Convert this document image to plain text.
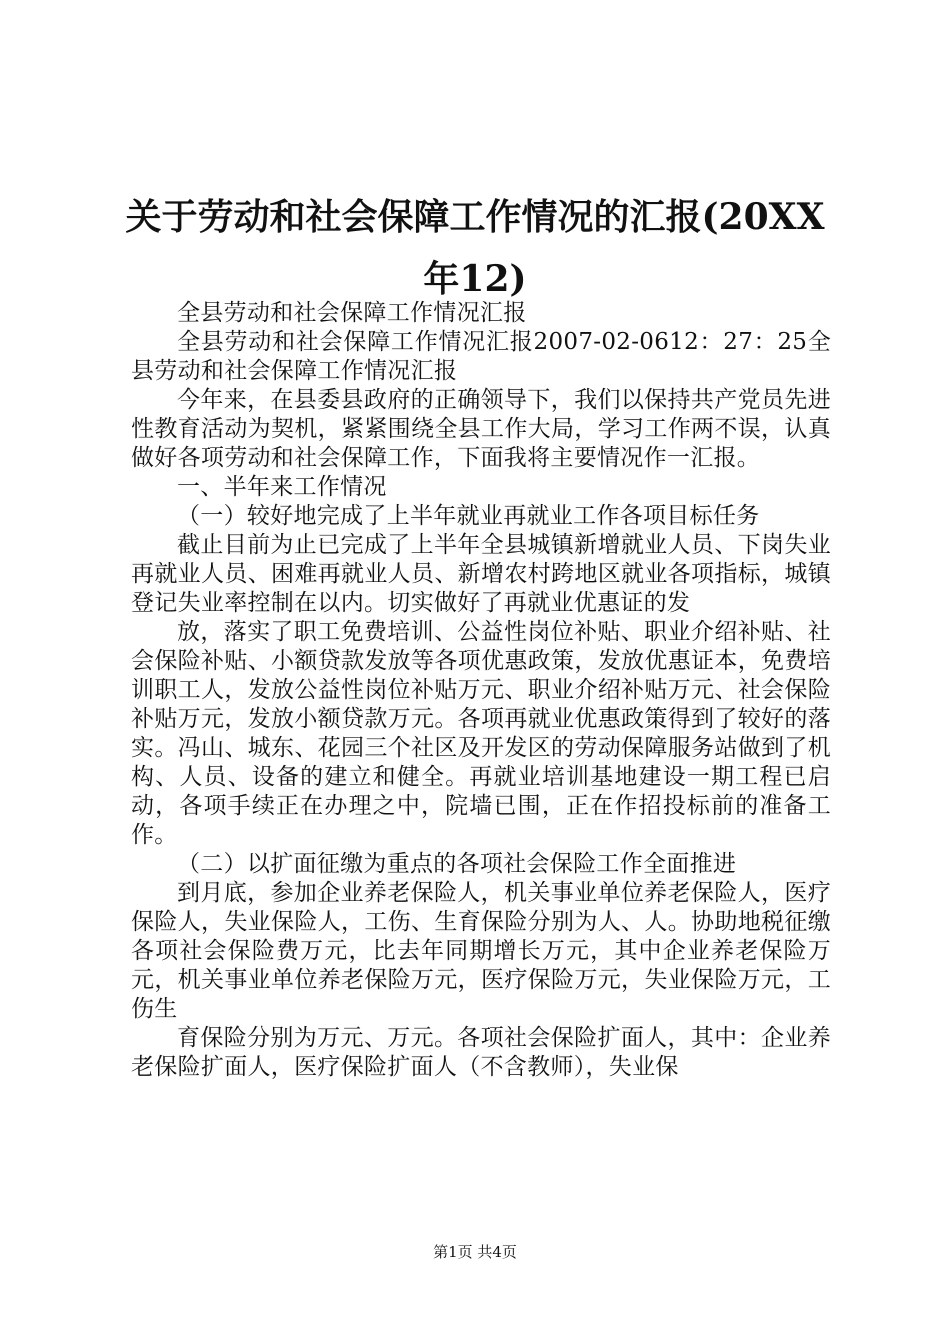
关于劳动和社会保障工作情况的汇报(20XX年12)

全县劳动和社会保障工作情况汇报

全县劳动和社会保障工作情况汇报2007-02-0612：27：25全县劳动和社会保障工作情况汇报

今年来，在县委县政府的正确领导下，我们以保持共产党员先进性教育活动为契机，紧紧围绕全县工作大局，学习工作两不误，认真做好各项劳动和社会保障工作，下面我将主要情况作一汇报。

一、半年来工作情况

（一）较好地完成了上半年就业再就业工作各项目标任务

截止目前为止已完成了上半年全县城镇新增就业人员、下岗失业再就业人员、困难再就业人员、新增农村跨地区就业各项指标，城镇登记失业率控制在以内。切实做好了再就业优惠证的发

放，落实了职工免费培训、公益性岗位补贴、职业介绍补贴、社会保险补贴、小额贷款发放等各项优惠政策，发放优惠证本，免费培训职工人，发放公益性岗位补贴万元、职业介绍补贴万元、社会保险补贴万元，发放小额贷款万元。各项再就业优惠政策得到了较好的落实。冯山、城东、花园三个社区及开发区的劳动保障服务站做到了机构、人员、设备的建立和健全。再就业培训基地建设一期工程已启动，各项手续正在办理之中，院墙已围，正在作招投标前的准备工作。

（二）以扩面征缴为重点的各项社会保险工作全面推进

到月底，参加企业养老保险人，机关事业单位养老保险人，医疗保险人，失业保险人，工伤、生育保险分别为人、人。协助地税征缴各项社会保险费万元，比去年同期增长万元，其中企业养老保险万元，机关事业单位养老保险万元，医疗保险万元，失业保险万元，工伤生

育保险分别为万元、万元。各项社会保险扩面人，其中：企业养老保险扩面人，医疗保险扩面人（不含教师），失业保

第1页 共4页
